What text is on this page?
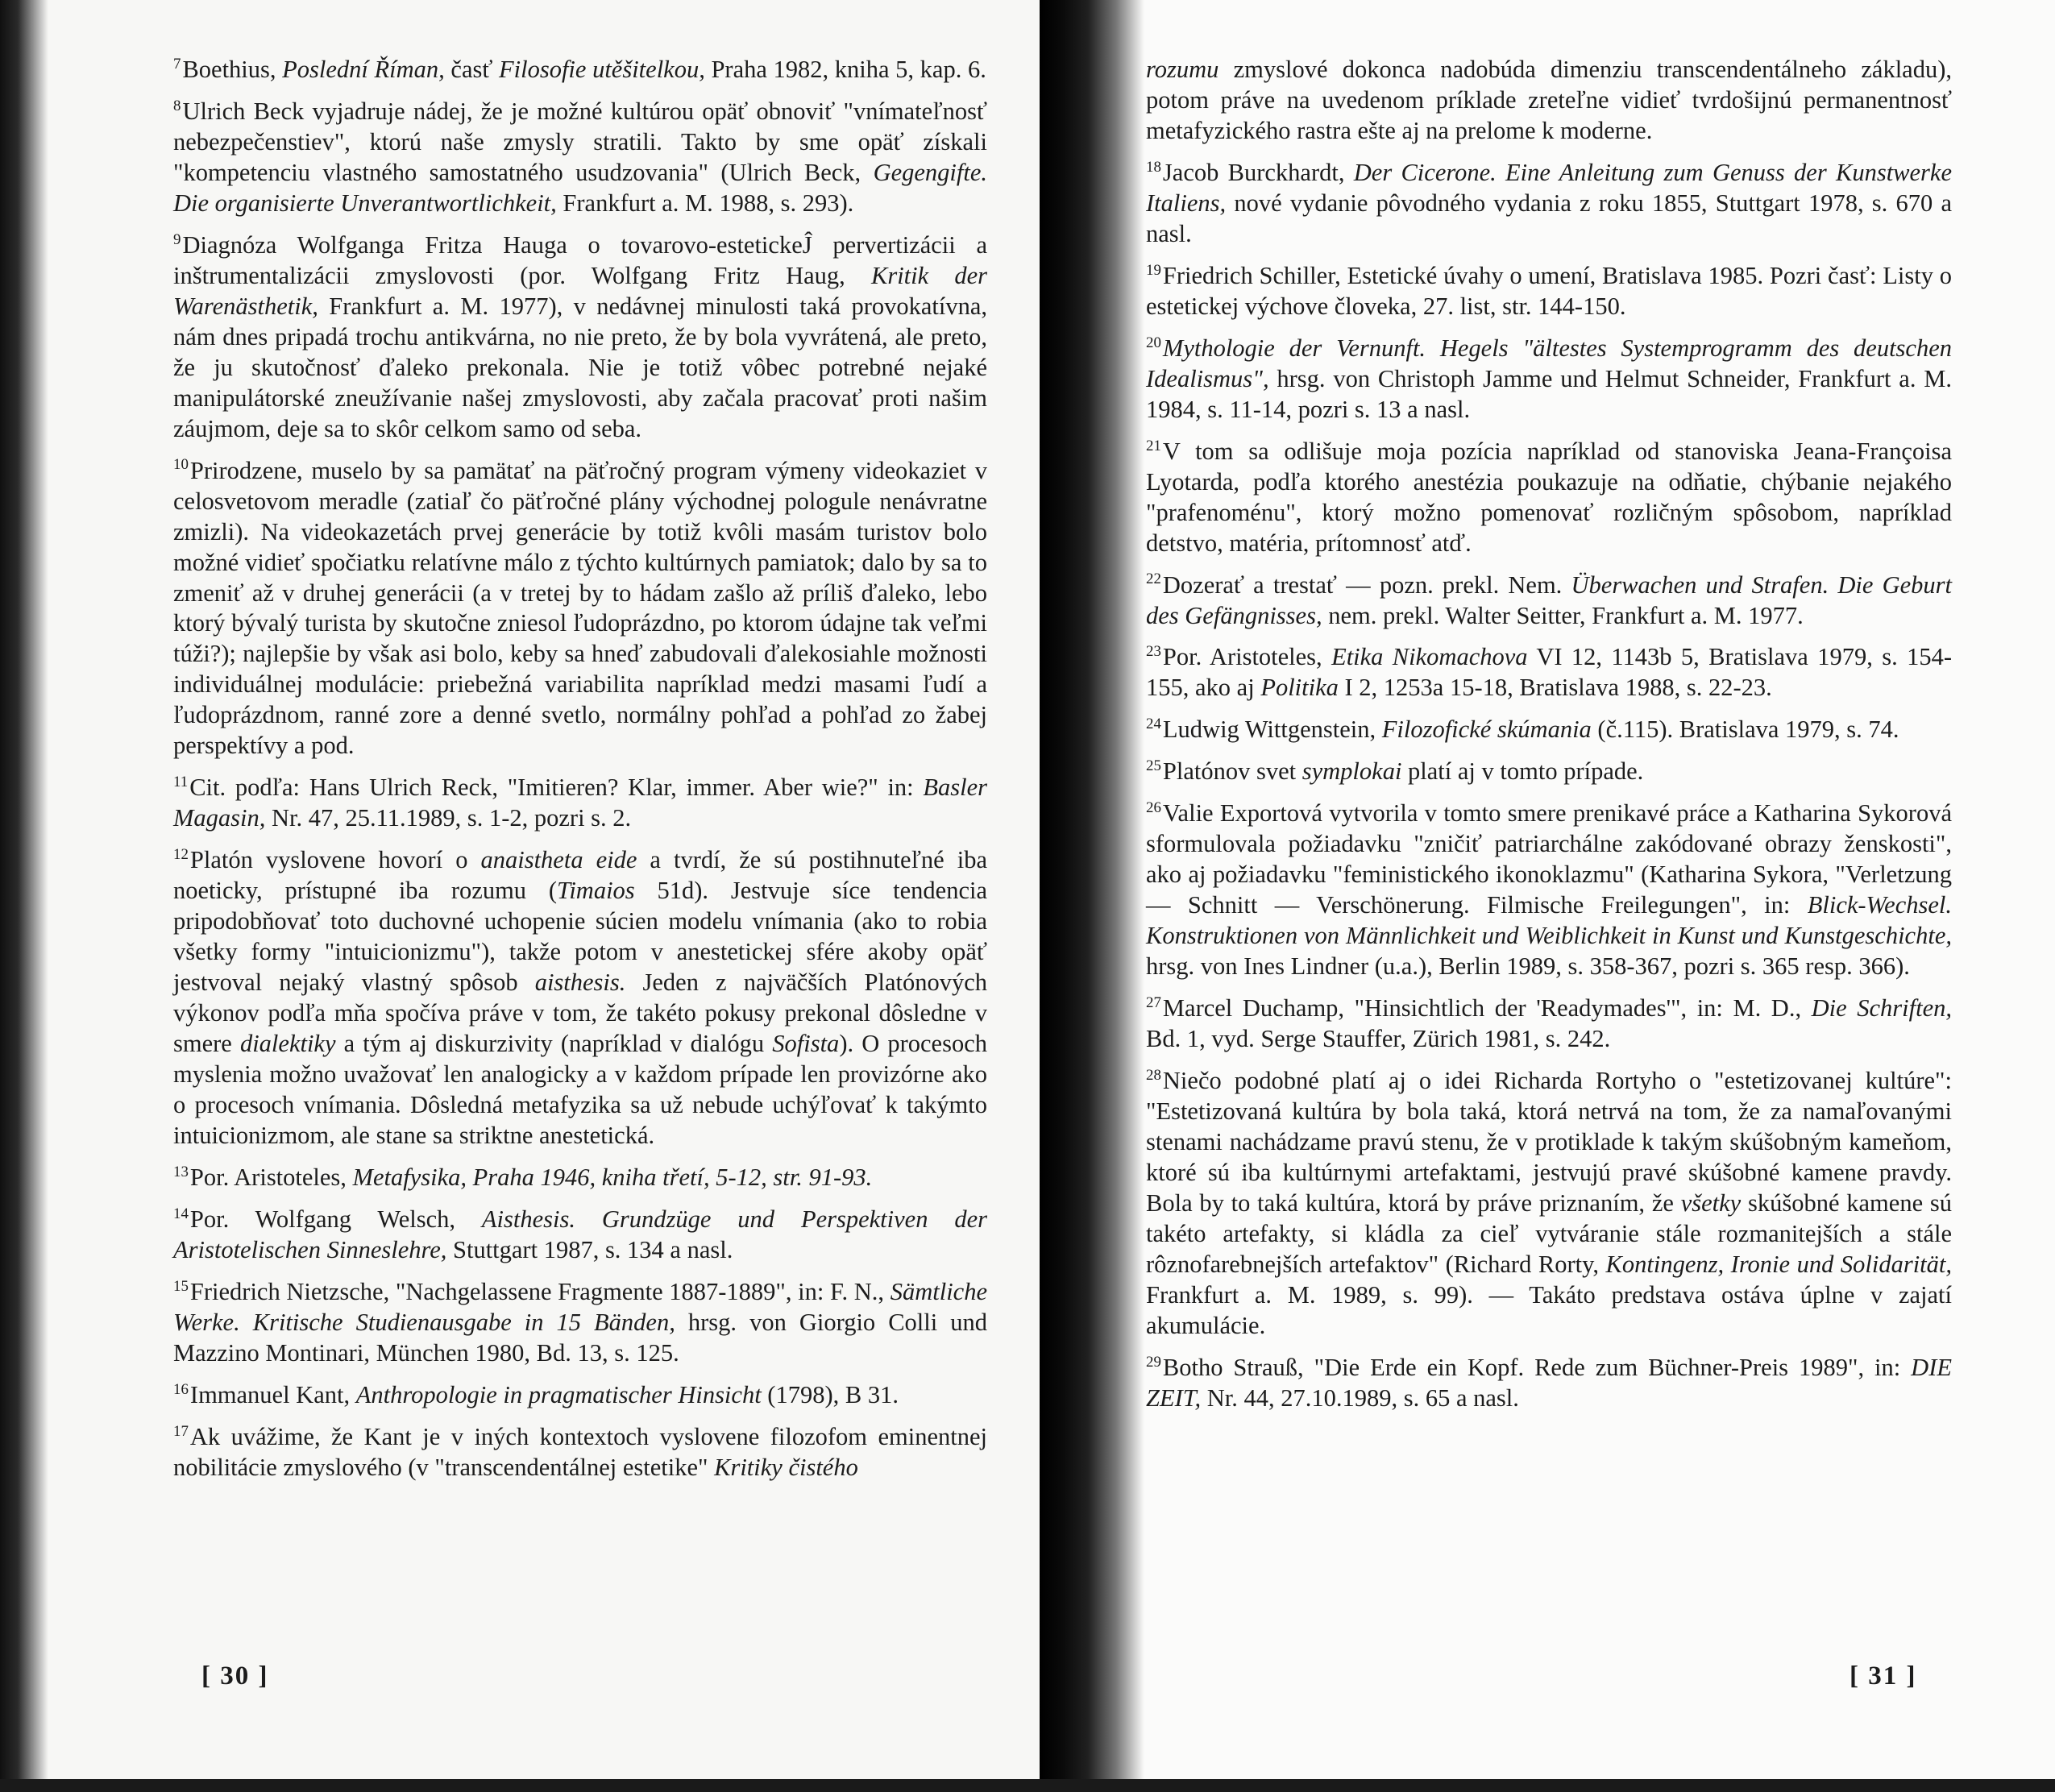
$^7$Boethius, Poslední Říman, časť Filosofie utěšitelkou, Praha 1982, kniha 5, kap. 6.

$^8$Ulrich Beck vyjadruje nádej, že je možné kultúrou opäť obnoviť "vnímateľnosť nebezpečenstiev", ktorú naše zmysly stratili. Takto by sme opäť získali "kompetenciu vlastného samostatného usudzovania" (Ulrich Beck, Gegengifte. Die organisierte Unverantwortlichkeit, Frankfurt a. M. 1988, s. 293).

$^9$Diagnóza Wolfganga Fritza Hauga o tovarovo-estetickeĴ pervertizácii a inštrumentalizácii zmyslovosti (por. Wolfgang Fritz Haug, Kritik der Warenästhetik, Frankfurt a. M. 1977), v nedávnej minulosti taká provokatívna, nám dnes pripadá trochu antikvárna, no nie preto, že by bola vyvrátená, ale preto, že ju skutočnosť ďaleko prekonala. Nie je totiž vôbec potrebné nejaké manipulátorské zneužívanie našej zmyslovosti, aby začala pracovať proti našim záujmom, deje sa to skôr celkom samo od seba.

$^{10}$Prirodzene, muselo by sa pamätať na päťročný program výmeny videokaziet v celosvetovom meradle (zatiaľ čo päťročné plány východnej pologule nenávratne zmizli). Na videokazetách prvej generácie by totiž kvôli masám turistov bolo možné vidieť spočiatku relatívne málo z týchto kultúrnych pamiatok; dalo by sa to zmeniť až v druhej generácii (a v tretej by to hádam zašlo až príliš ďaleko, lebo ktorý bývalý turista by skutočne zniesol ľudoprázdno, po ktorom údajne tak veľmi túži?); najlepšie by však asi bolo, keby sa hneď zabudovali ďalekosiahle možnosti individuálnej modulácie: priebežná variabilita napríklad medzi masami ľudí a ľudoprázdnom, ranné zore a denné svetlo, normálny pohľad a pohľad zo žabej perspektívy a pod.

$^{11}$Cit. podľa: Hans Ulrich Reck, "Imitieren? Klar, immer. Aber wie?" in: Basler Magasin, Nr. 47, 25.11.1989, s. 1-2, pozri s. 2.

$^{12}$Platón vyslovene hovorí o anaistheta eide a tvrdí, že sú postihnuteľné iba noeticky, prístupné iba rozumu (Timaios 51d). Jestvuje síce tendencia pripodobňovať toto duchovné uchopenie súcien modelu vnímania (ako to robia všetky formy "intuicionizmu"), takže potom v anestetickej sfére akoby opäť jestvoval nejaký vlastný spôsob aisthesis. Jeden z najväčších Platónových výkonov podľa mňa spočíva práve v tom, že takéto pokusy prekonal dôsledne v smere dialektiky a tým aj diskurzivity (napríklad v dialógu Sofista). O procesoch myslenia možno uvažovať len analogicky a v každom prípade len provizórne ako o procesoch vnímania. Dôsledná metafyzika sa už nebude uchýľovať k takýmto intuicionizmom, ale stane sa striktne anestetická.

$^{13}$Por. Aristoteles, Metafysika, Praha 1946, kniha třetí, 5-12, str. 91-93.

$^{14}$Por. Wolfgang Welsch, Aisthesis. Grundzüge und Perspektiven der Aristotelischen Sinneslehre, Stuttgart 1987, s. 134 a nasl.

$^{15}$Friedrich Nietzsche, "Nachgelassene Fragmente 1887-1889", in: F. N., Sämtliche Werke. Kritische Studienausgabe in 15 Bänden, hrsg. von Giorgio Colli und Mazzino Montinari, München 1980, Bd. 13, s. 125.

$^{16}$Immanuel Kant, Anthropologie in pragmatischer Hinsicht (1798), B 31.

$^{17}$Ak uvážime, že Kant je v iných kontextoch vyslovene filozofom eminentnej nobilitácie zmyslového (v "transcendentálnej estetike" Kritiky čistého

[ 30 ]

rozumu zmyslové dokonca nadobúda dimenziu transcendentálneho základu), potom práve na uvedenom príklade zreteľne vidieť tvrdošijnú permanentnosť metafyzického rastra ešte aj na prelome k moderne.

$^{18}$Jacob Burckhardt, Der Cicerone. Eine Anleitung zum Genuss der Kunstwerke Italiens, nové vydanie pôvodného vydania z roku 1855, Stuttgart 1978, s. 670 a nasl.

$^{19}$Friedrich Schiller, Estetické úvahy o umení, Bratislava 1985. Pozri časť: Listy o estetickej výchove človeka, 27. list, str. 144-150.

$^{20}$Mythologie der Vernunft. Hegels "ältestes Systemprogramm des deutschen Idealismus", hrsg. von Christoph Jamme und Helmut Schneider, Frankfurt a. M. 1984, s. 11-14, pozri s. 13 a nasl.

$^{21}$V tom sa odlišuje moja pozícia napríklad od stanoviska Jeana-Françoisa Lyotarda, podľa ktorého anestézia poukazuje na odňatie, chýbanie nejakého "prafenoménu", ktorý možno pomenovať rozličným spôsobom, napríklad detstvo, matéria, prítomnosť atď.

$^{22}$Dozerať a trestať — pozn. prekl. Nem. Überwachen und Strafen. Die Geburt des Gefängnisses, nem. prekl. Walter Seitter, Frankfurt a. M. 1977.

$^{23}$Por. Aristoteles, Etika Nikomachova VI 12, 1143b 5, Bratislava 1979, s. 154-155, ako aj Politika I 2, 1253a 15-18, Bratislava 1988, s. 22-23.

$^{24}$Ludwig Wittgenstein, Filozofické skúmania (č.115). Bratislava 1979, s. 74.

$^{25}$Platónov svet symplokai platí aj v tomto prípade.

$^{26}$Valie Exportová vytvorila v tomto smere prenikavé práce a Katharina Sykorová sformulovala požiadavku "zničiť patriarchálne zakódované obrazy ženskosti", ako aj požiadavku "feministického ikonoklazmu" (Katharina Sykora, "Verletzung — Schnitt — Verschönerung. Filmische Freilegungen", in: Blick-Wechsel. Konstruktionen von Männlichkeit und Weiblichkeit in Kunst und Kunstgeschichte, hrsg. von Ines Lindner (u.a.), Berlin 1989, s. 358-367, pozri s. 365 resp. 366).

$^{27}$Marcel Duchamp, "Hinsichtlich der 'Readymades'", in: M. D., Die Schriften, Bd. 1, vyd. Serge Stauffer, Zürich 1981, s. 242.

$^{28}$Niečo podobné platí aj o idei Richarda Rortyho o "estetizovanej kultúre": "Estetizovaná kultúra by bola taká, ktorá netrvá na tom, že za namaľovanými stenami nachádzame pravú stenu, že v protiklade k takým skúšobným kameňom, ktoré sú iba kultúrnymi artefaktami, jestvujú pravé skúšobné kamene pravdy. Bola by to taká kultúra, ktorá by práve priznaním, že všetky skúšobné kamene sú takéto artefakty, si kládla za cieľ vytváranie stále rozmanitejších a stále rôznofarebnejších artefaktov" (Richard Rorty, Kontingenz, Ironie und Solidarität, Frankfurt a. M. 1989, s. 99). — Takáto predstava ostáva úplne v zajatí akumulácie.

$^{29}$Botho Strauß, "Die Erde ein Kopf. Rede zum Büchner-Preis 1989", in: DIE ZEIT, Nr. 44, 27.10.1989, s. 65 a nasl.

[ 31 ]
